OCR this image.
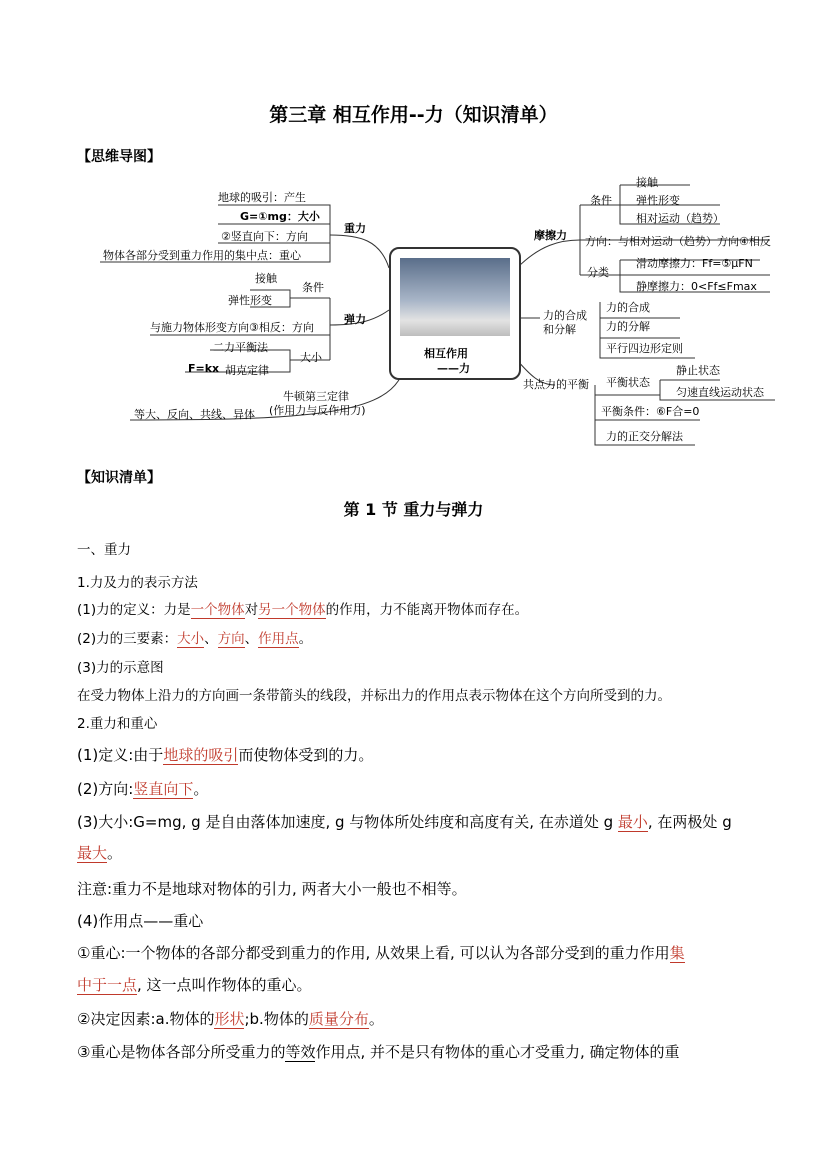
第三章 相互作用--力（知识清单）
【思维导图】
相互作用
——力
地球的吸引：产生
G=①mg：大小
②竖直向下：方向
物体各部分受到重力作用的集中点：重心
重力
接触
弹性形变
条件
与施力物体形变方向③相反：方向
弹力
二力平衡法
大小
F=kx 胡克定律
牛顿第三定律
(作用力与反作用力)
等大、反向、共线、异体
摩擦力
条件
接触
弹性形变
相对运动（趋势）
方向：与相对运动（趋势）方向④相反
分类
滑动摩擦力：Ff=⑤μFN
静摩擦力：0<Ff≤Fmax
力的合成
和分解
力的合成
力的分解
平行四边形定则
共点力的平衡 平衡状态
静止状态
匀速直线运动状态
平衡条件：⑥F合=0
力的正交分解法
【知识清单】
第 1 节 重力与弹力
一、重力
1.力及力的表示方法
(1)力的定义：力是一个物体对另一个物体的作用，力不能离开物体而存在。
(2)力的三要素：大小、方向、作用点。
(3)力的示意图
在受力物体上沿力的方向画一条带箭头的线段，并标出力的作用点表示物体在这个方向所受到的力。
2.重力和重心
(1)定义:由于地球的吸引而使物体受到的力。
(2)方向:竖直向下。
(3)大小:G=mg, g 是自由落体加速度, g 与物体所处纬度和高度有关, 在赤道处 g 最小, 在两极处 g
最大。
注意:重力不是地球对物体的引力, 两者大小一般也不相等。
(4)作用点——重心
①重心:一个物体的各部分都受到重力的作用, 从效果上看, 可以认为各部分受到的重力作用集
中于一点, 这一点叫作物体的重心。
②决定因素:a.物体的形状;b.物体的质量分布。
③重心是物体各部分所受重力的等效作用点, 并不是只有物体的重心才受重力, 确定物体的重
